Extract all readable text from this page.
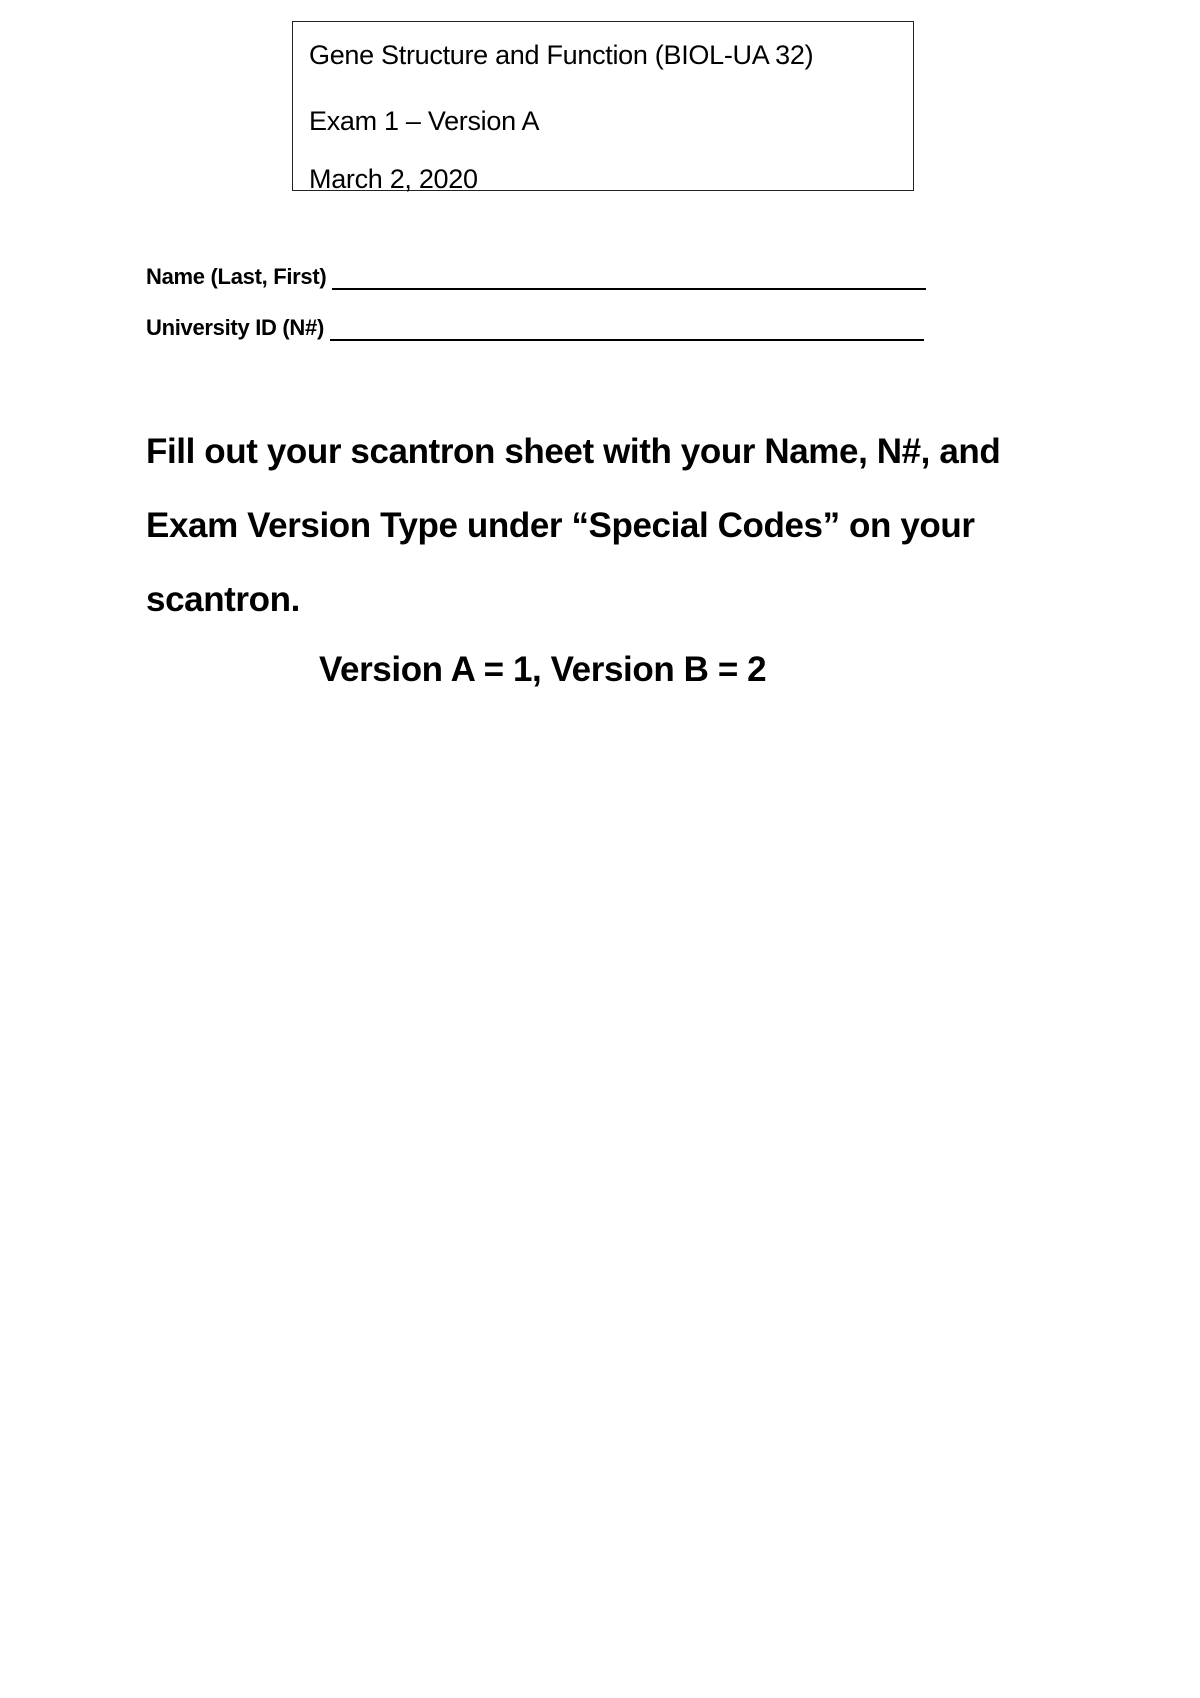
Gene Structure and Function (BIOL-UA 32)
Exam 1 – Version A
March 2, 2020
Name (Last, First)
University ID (N#)

Fill out your scantron sheet with your Name, N#, and Exam Version Type under “Special Codes” on your scantron.

Version A = 1, Version B = 2
